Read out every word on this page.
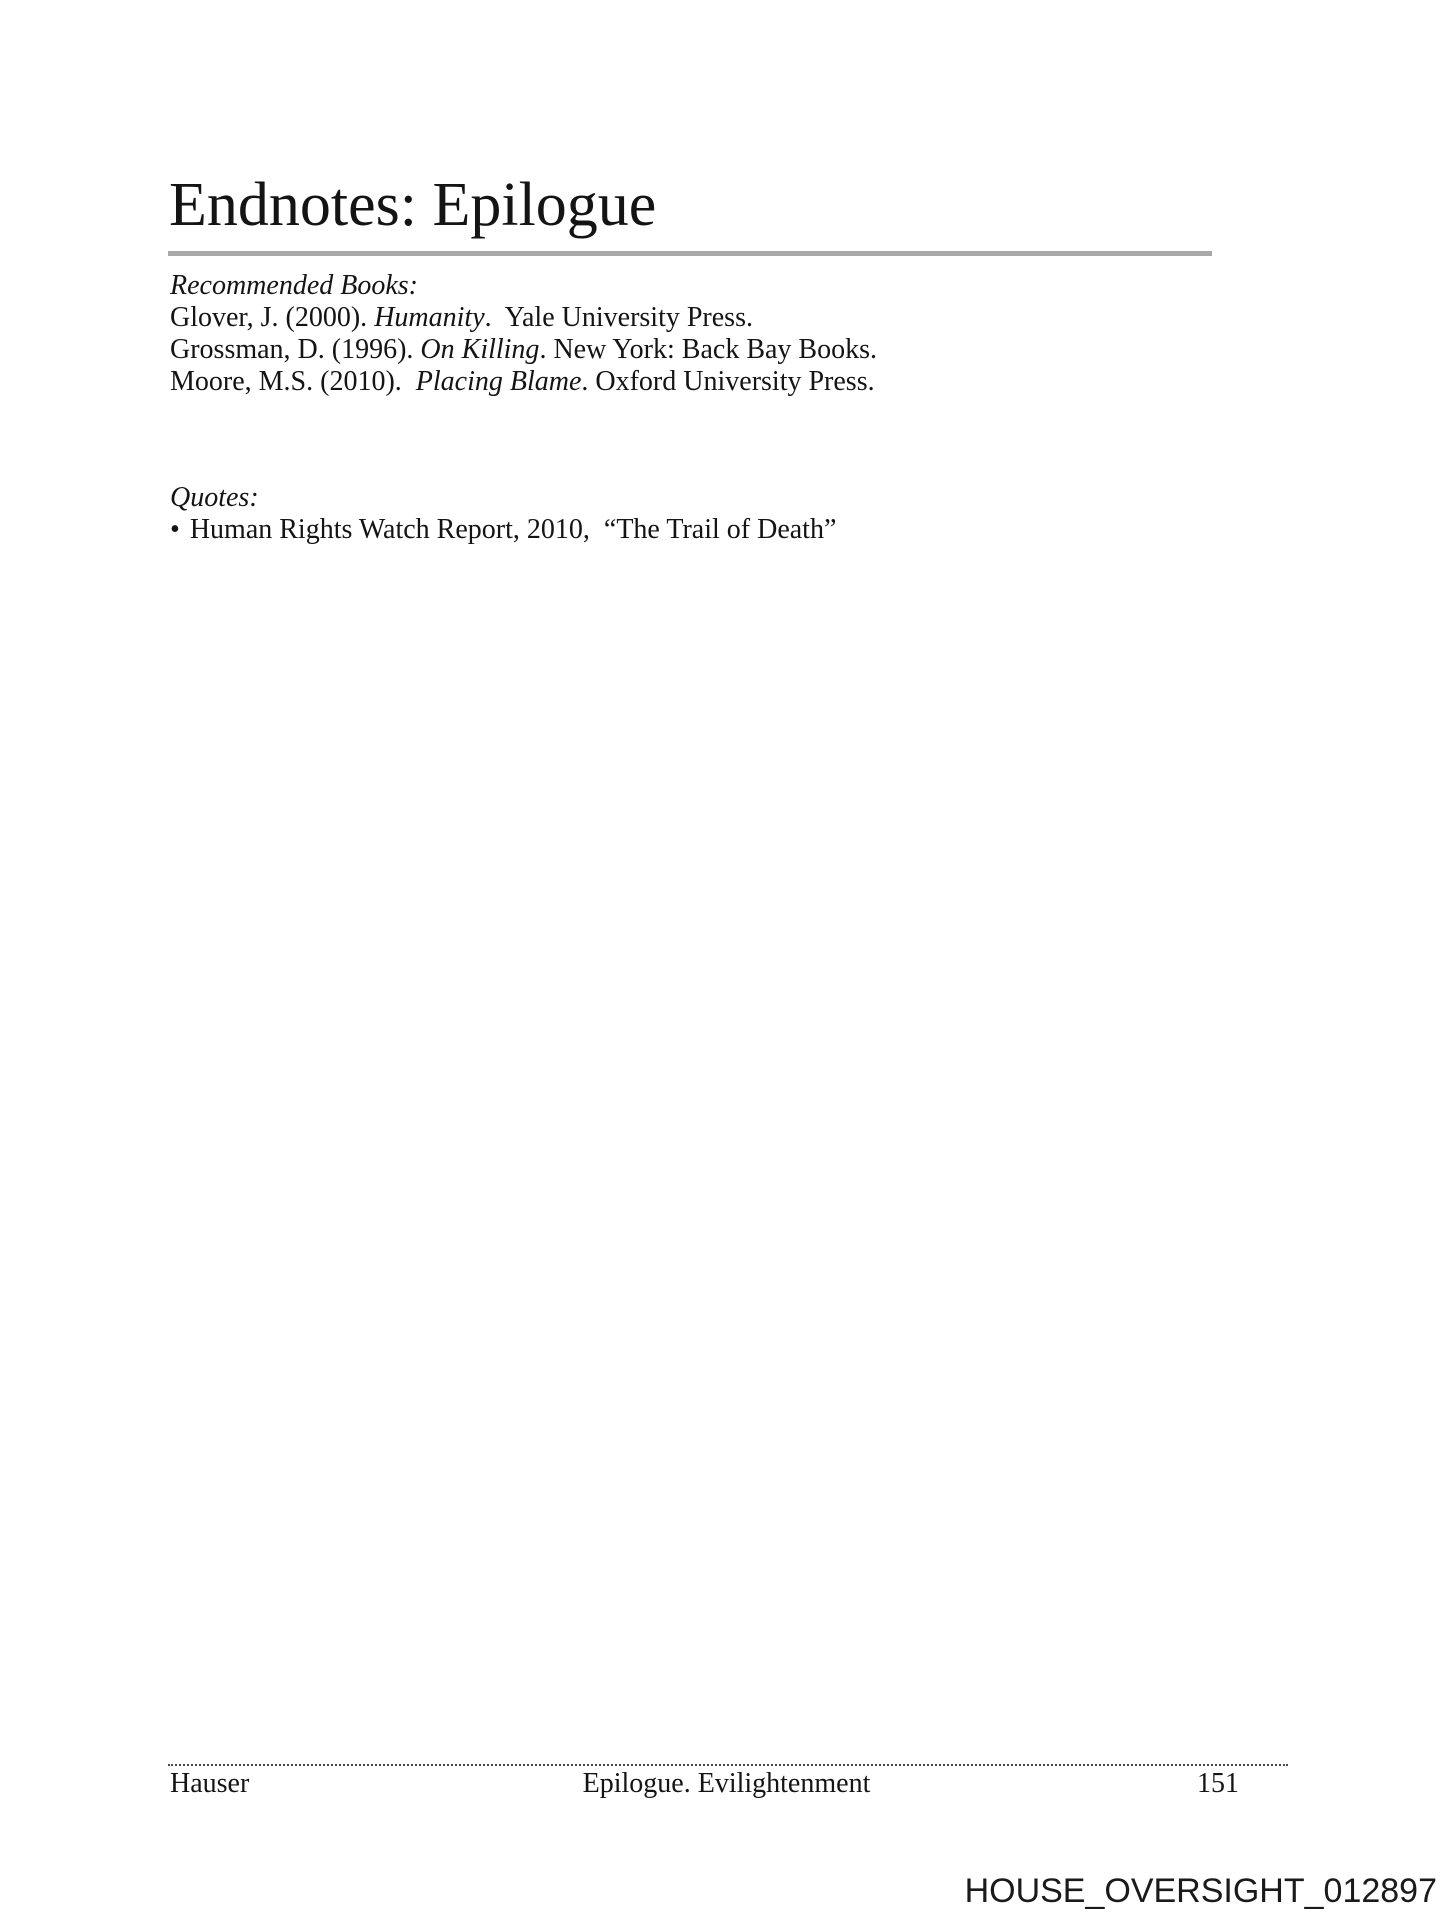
Endnotes: Epilogue

Recommended Books:

Glover, J. (2000). Humanity.  Yale University Press.

Grossman, D. (1996). On Killing. New York: Back Bay Books.

Moore, M.S. (2010).  Placing Blame. Oxford University Press.

Quotes:

• Human Rights Watch Report, 2010,  “The Trail of Death”

Hauser	Epilogue. Evilightenment	151
HOUSE_OVERSIGHT_012897
